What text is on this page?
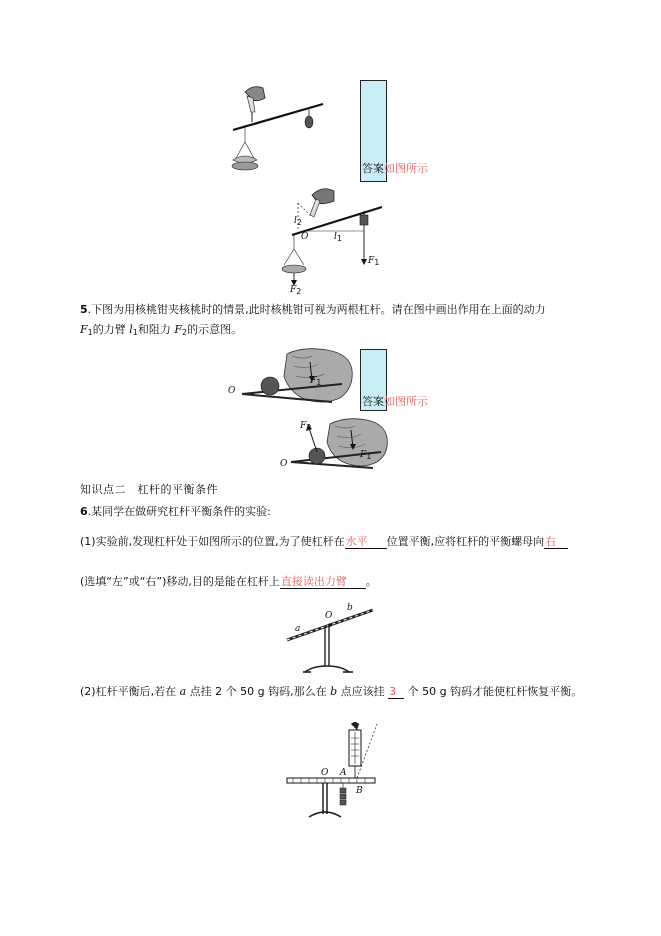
答案如图所示
O
l2
l1
F1
F2
5.下图为用核桃钳夹核桃时的情景,此时核桃钳可视为两根杠杆。请在图中画出作用在上面的动力
$F_1$的力臂 $l_1$和阻力 $F_2$的示意图。
O
F1
答案如图所示
O
F2
F1
知识点二　杠杆的平衡条件
6.某同学在做研究杠杆平衡条件的实验:
(1)实验前,发现杠杆处于如图所示的位置,为了使杠杆在水平 位置平衡,应将杠杆的平衡螺母向右
(选填“左”或“右”)移动,目的是能在杠杆上直接读出力臂 。
a
O
b
(2)杠杆平衡后,若在 a 点挂 2 个 50 g 钩码,那么在 b 点应该挂 3 个 50 g 钩码才能使杠杆恢复平衡。
O A
B
